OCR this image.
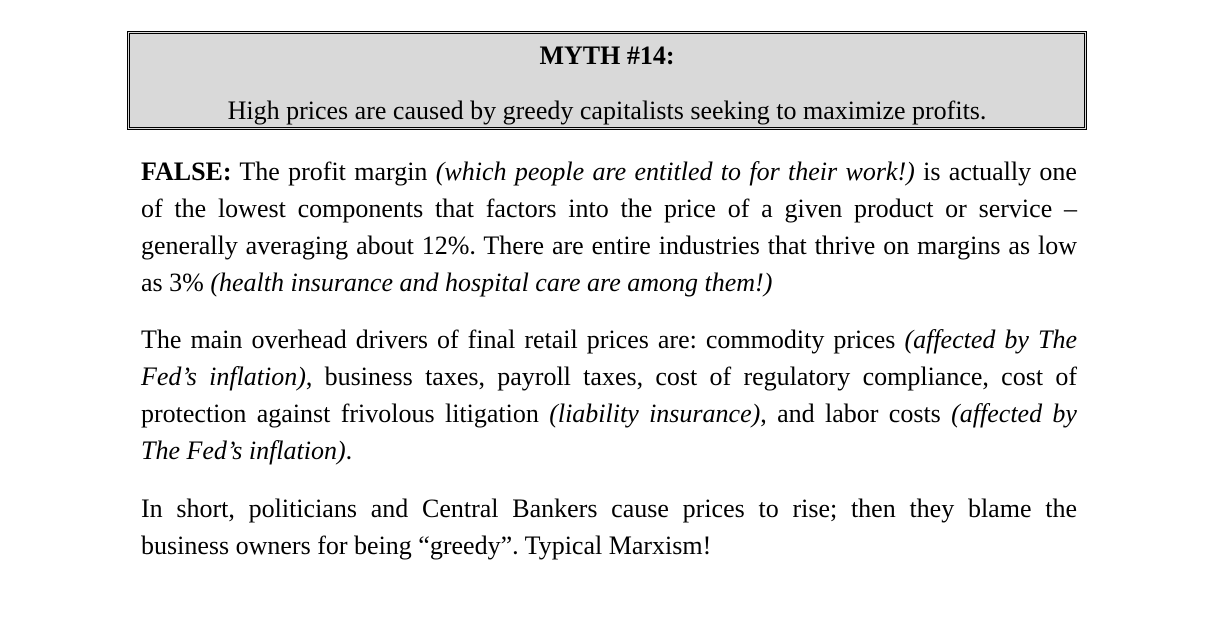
MYTH #14:
High prices are caused by greedy capitalists seeking to maximize profits.

FALSE: The profit margin (which people are entitled to for their work!) is actually one of the lowest components that factors into the price of a given product or service – generally averaging about 12%. There are entire industries that thrive on margins as low as 3% (health insurance and hospital care are among them!)

The main overhead drivers of final retail prices are: commodity prices (affected by The Fed’s inflation), business taxes, payroll taxes, cost of regulatory compliance, cost of protection against frivolous litigation (liability insurance), and labor costs (affected by The Fed’s inflation).

In short, politicians and Central Bankers cause prices to rise; then they blame the business owners for being “greedy”. Typical Marxism!
